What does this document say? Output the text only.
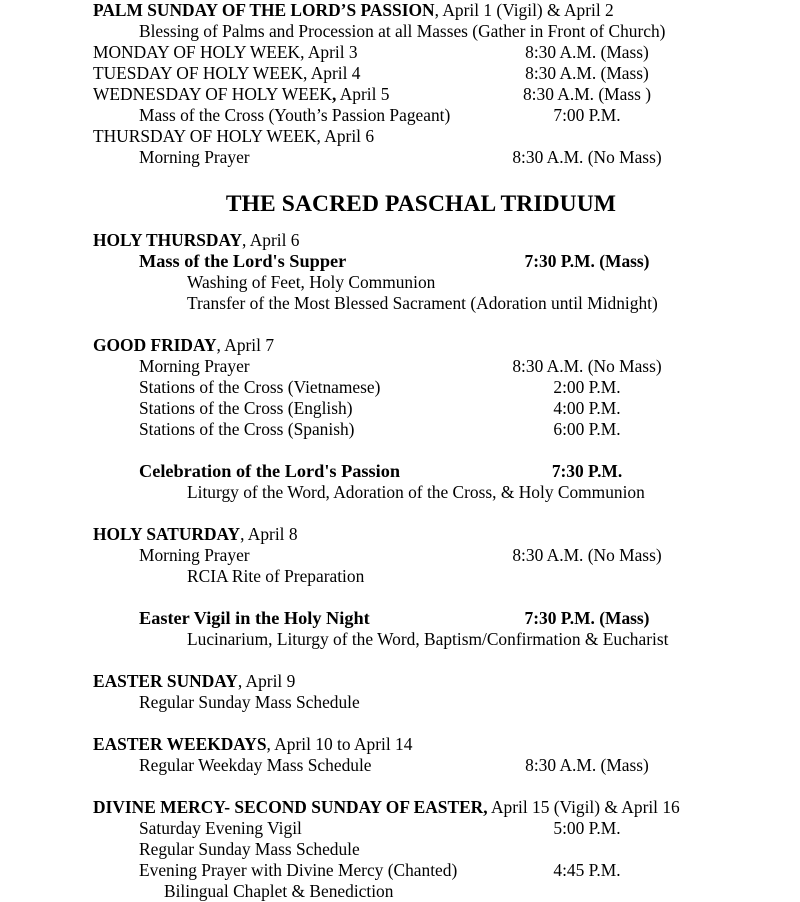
PALM SUNDAY OF THE LORD’S PASSION, April 1 (Vigil) & April 2
Blessing of Palms and Procession at all Masses (Gather in Front of Church)
MONDAY OF HOLY WEEK, April 3	8:30 A.M. (Mass)
TUESDAY OF HOLY WEEK, April 4	8:30 A.M. (Mass)
WEDNESDAY OF HOLY WEEK, April 5	8:30 A.M. (Mass )
Mass of the Cross (Youth’s Passion Pageant)	7:00 P.M.
THURSDAY OF HOLY WEEK, April 6
Morning Prayer	8:30 A.M. (No Mass)
THE SACRED PASCHAL TRIDUUM
HOLY THURSDAY, April 6
Mass of the Lord's Supper	7:30 P.M. (Mass)
Washing of Feet, Holy Communion
Transfer of the Most Blessed Sacrament (Adoration until Midnight)
GOOD FRIDAY, April 7
Morning Prayer	8:30 A.M. (No Mass)
Stations of the Cross (Vietnamese)	2:00 P.M.
Stations of the Cross (English)	4:00 P.M.
Stations of the Cross (Spanish)	6:00 P.M.
Celebration of the Lord's Passion	7:30 P.M.
Liturgy of the Word, Adoration of the Cross, & Holy Communion
HOLY SATURDAY, April 8
Morning Prayer	8:30 A.M. (No Mass)
RCIA Rite of Preparation
Easter Vigil in the Holy Night	7:30 P.M. (Mass)
Lucinarium, Liturgy of the Word, Baptism/Confirmation & Eucharist
EASTER SUNDAY, April 9
Regular Sunday Mass Schedule
EASTER WEEKDAYS, April 10 to April 14
Regular Weekday Mass Schedule	8:30 A.M. (Mass)
DIVINE MERCY- SECOND SUNDAY OF EASTER, April 15 (Vigil) & April 16
Saturday Evening Vigil	5:00 P.M.
Regular Sunday Mass Schedule
Evening Prayer with Divine Mercy (Chanted)	4:45 P.M.
Bilingual Chaplet & Benediction
